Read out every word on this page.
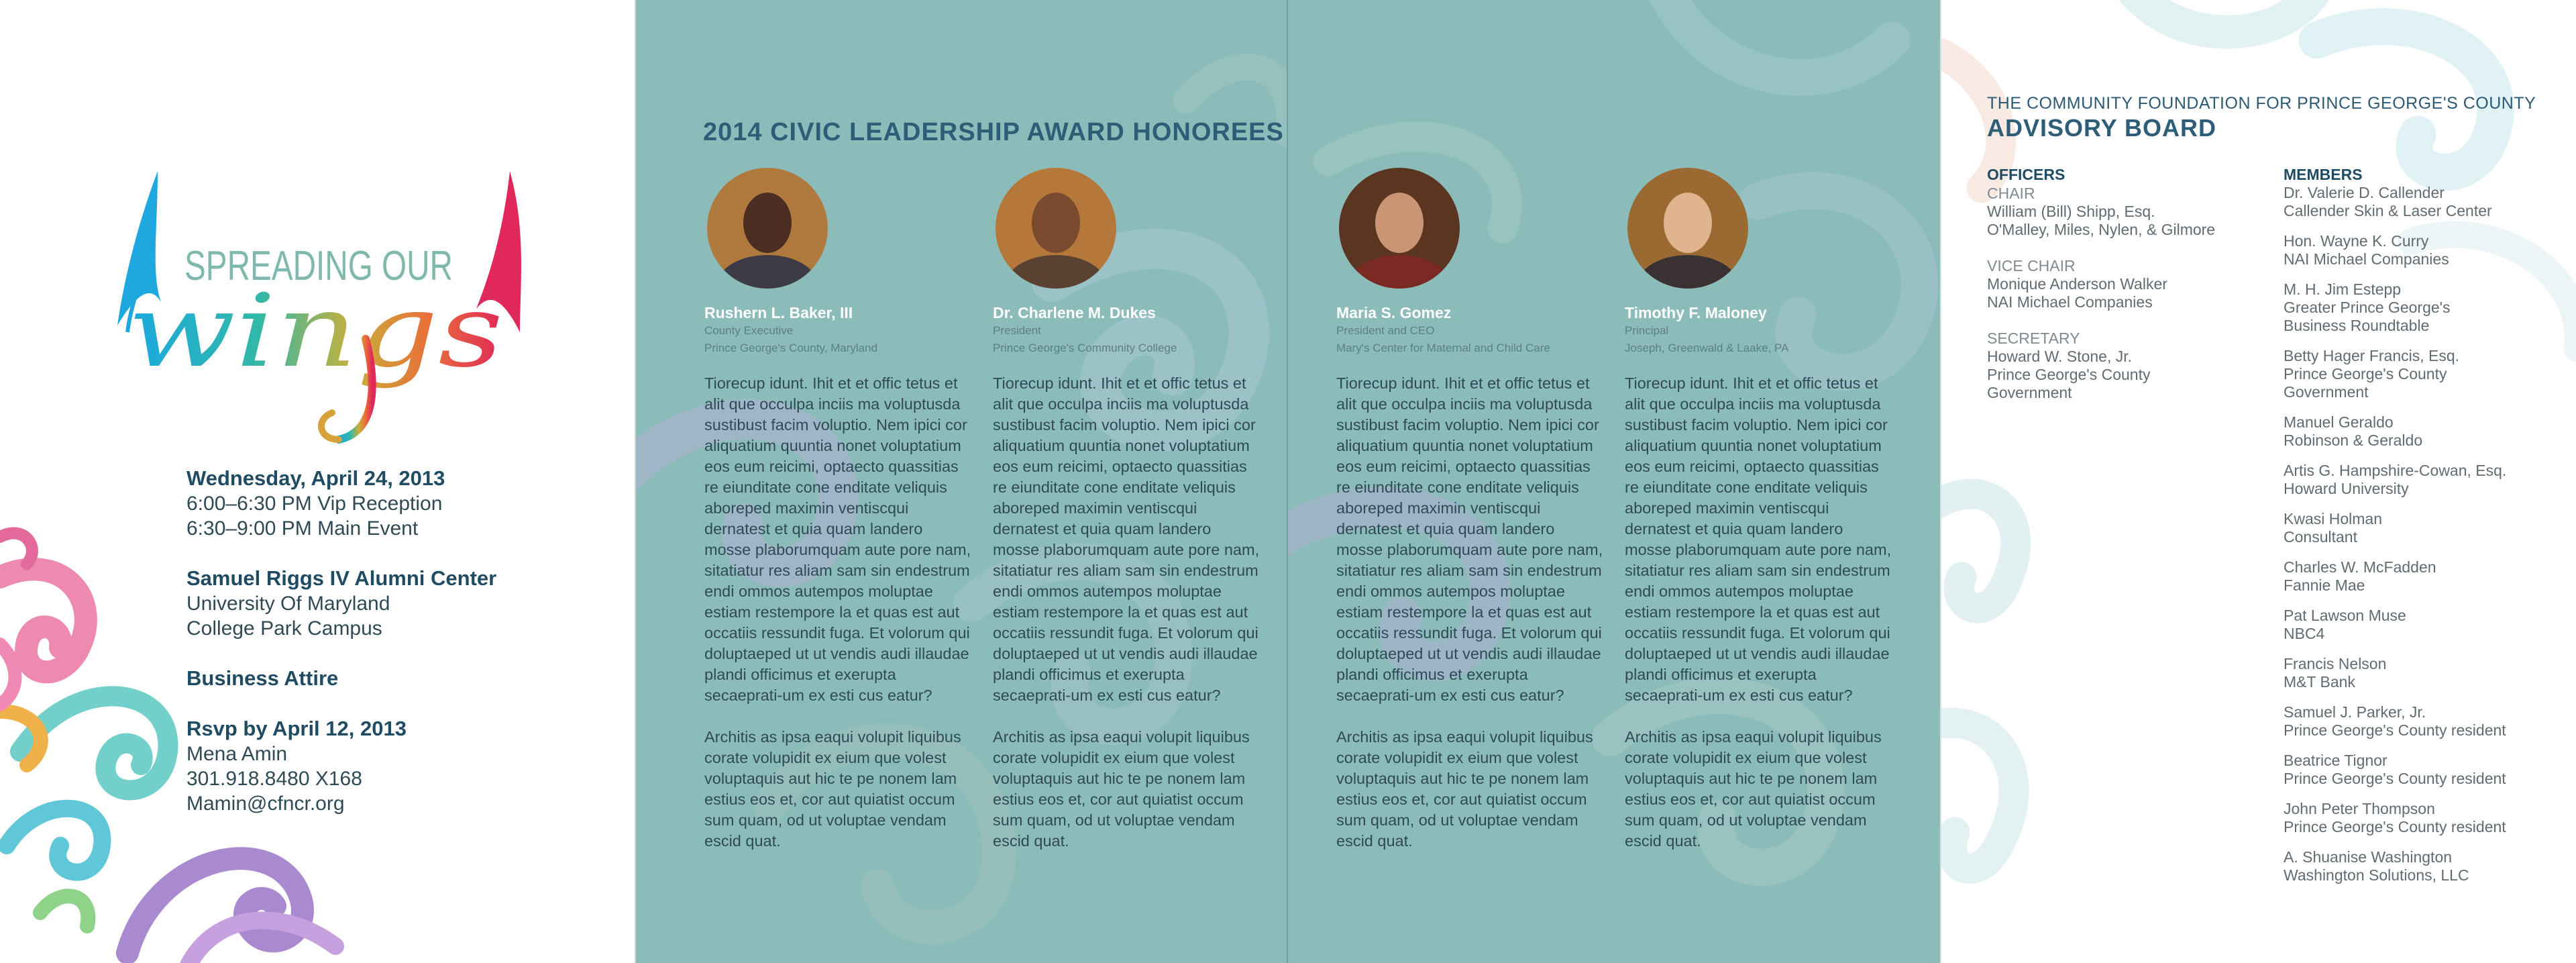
SPREADING OUR
wings
Wednesday, April 24, 2013
6:00–6:30 PM Vip Reception
6:30–9:00 PM Main Event
Samuel Riggs IV Alumni Center
University Of Maryland
College Park Campus
Business Attire
Rsvp by April 12, 2013
Mena Amin
301.918.8480 X168
Mamin@cfncr.org
2014 CIVIC LEADERSHIP AWARD HONOREES
Rushern L. Baker, III
County Executive
Prince George's County, Maryland

Tiorecup idunt. Ihit et et offic tetus et alit que occulpa inciis ma voluptusda sustibust facim voluptio. Nem ipici cor aliquatium quuntia nonet voluptatium eos eum reicimi, optaecto quassitias re eiunditate cone enditate veliquis aboreped maximin ventiscqui dernatest et quia quam landero mosse plaborumquam aute pore nam, sitatiatur res aliam sam sin endestrum endi ommos autempos moluptae estiam restempore la et quas est aut occatiis ressundit fuga. Et volorum qui doluptaeped ut ut vendis audi illaudae plandi officimus et exerupta secaeprati-um ex esti cus eatur?

Architis as ipsa eaqui volupit liquibus corate volupidit ex eium que volest voluptaquis aut hic te pe nonem lam estius eos et, cor aut quiatist occum sum quam, od ut voluptae vendam escid quat.

Dr. Charlene M. Dukes
President
Prince George's Community College

Tiorecup idunt. Ihit et et offic tetus et alit que occulpa inciis ma voluptusda sustibust facim voluptio. Nem ipici cor aliquatium quuntia nonet voluptatium eos eum reicimi, optaecto quassitias re eiunditate cone enditate veliquis aboreped maximin ventiscqui dernatest et quia quam landero mosse plaborumquam aute pore nam, sitatiatur res aliam sam sin endestrum endi ommos autempos moluptae estiam restempore la et quas est aut occatiis ressundit fuga. Et volorum qui doluptaeped ut ut vendis audi illaudae plandi officimus et exerupta secaeprati-um ex esti cus eatur?

Architis as ipsa eaqui volupit liquibus corate volupidit ex eium que volest voluptaquis aut hic te pe nonem lam estius eos et, cor aut quiatist occum sum quam, od ut voluptae vendam escid quat.

Maria S. Gomez
President and CEO
Mary's Center for Maternal and Child Care

Tiorecup idunt. Ihit et et offic tetus et alit que occulpa inciis ma voluptusda sustibust facim voluptio. Nem ipici cor aliquatium quuntia nonet voluptatium eos eum reicimi, optaecto quassitias re eiunditate cone enditate veliquis aboreped maximin ventiscqui dernatest et quia quam landero mosse plaborumquam aute pore nam, sitatiatur res aliam sam sin endestrum endi ommos autempos moluptae estiam restempore la et quas est aut occatiis ressundit fuga. Et volorum qui doluptaeped ut ut vendis audi illaudae plandi officimus et exerupta secaeprati-um ex esti cus eatur?

Architis as ipsa eaqui volupit liquibus corate volupidit ex eium que volest voluptaquis aut hic te pe nonem lam estius eos et, cor aut quiatist occum sum quam, od ut voluptae vendam escid quat.

Timothy F. Maloney
Principal
Joseph, Greenwald & Laake, PA

Tiorecup idunt. Ihit et et offic tetus et alit que occulpa inciis ma voluptusda sustibust facim voluptio. Nem ipici cor aliquatium quuntia nonet voluptatium eos eum reicimi, optaecto quassitias re eiunditate cone enditate veliquis aboreped maximin ventiscqui dernatest et quia quam landero mosse plaborumquam aute pore nam, sitatiatur res aliam sam sin endestrum endi ommos autempos moluptae estiam restempore la et quas est aut occatiis ressundit fuga. Et volorum qui doluptaeped ut ut vendis audi illaudae plandi officimus et exerupta secaeprati-um ex esti cus eatur?

Architis as ipsa eaqui volupit liquibus corate volupidit ex eium que volest voluptaquis aut hic te pe nonem lam estius eos et, cor aut quiatist occum sum quam, od ut voluptae vendam escid quat.

THE COMMUNITY FOUNDATION FOR PRINCE GEORGE'S COUNTY
ADVISORY BOARD
OFFICERS
CHAIR
William (Bill) Shipp, Esq.
O'Malley, Miles, Nylen, & Gilmore
VICE CHAIR
Monique Anderson Walker
NAI Michael Companies
SECRETARY
Howard W. Stone, Jr.
Prince George's County
Government
MEMBERS
Dr. Valerie D. Callender
Callender Skin & Laser Center
Hon. Wayne K. Curry
NAI Michael Companies
M. H. Jim Estepp
Greater Prince George's
Business Roundtable
Betty Hager Francis, Esq.
Prince George's County
Government
Manuel Geraldo
Robinson & Geraldo
Artis G. Hampshire-Cowan, Esq.
Howard University
Kwasi Holman
Consultant
Charles W. McFadden
Fannie Mae
Pat Lawson Muse
NBC4
Francis Nelson
M&T Bank
Samuel J. Parker, Jr.
Prince George's County resident
Beatrice Tignor
Prince George's County resident
John Peter Thompson
Prince George's County resident
A. Shuanise Washington
Washington Solutions, LLC
